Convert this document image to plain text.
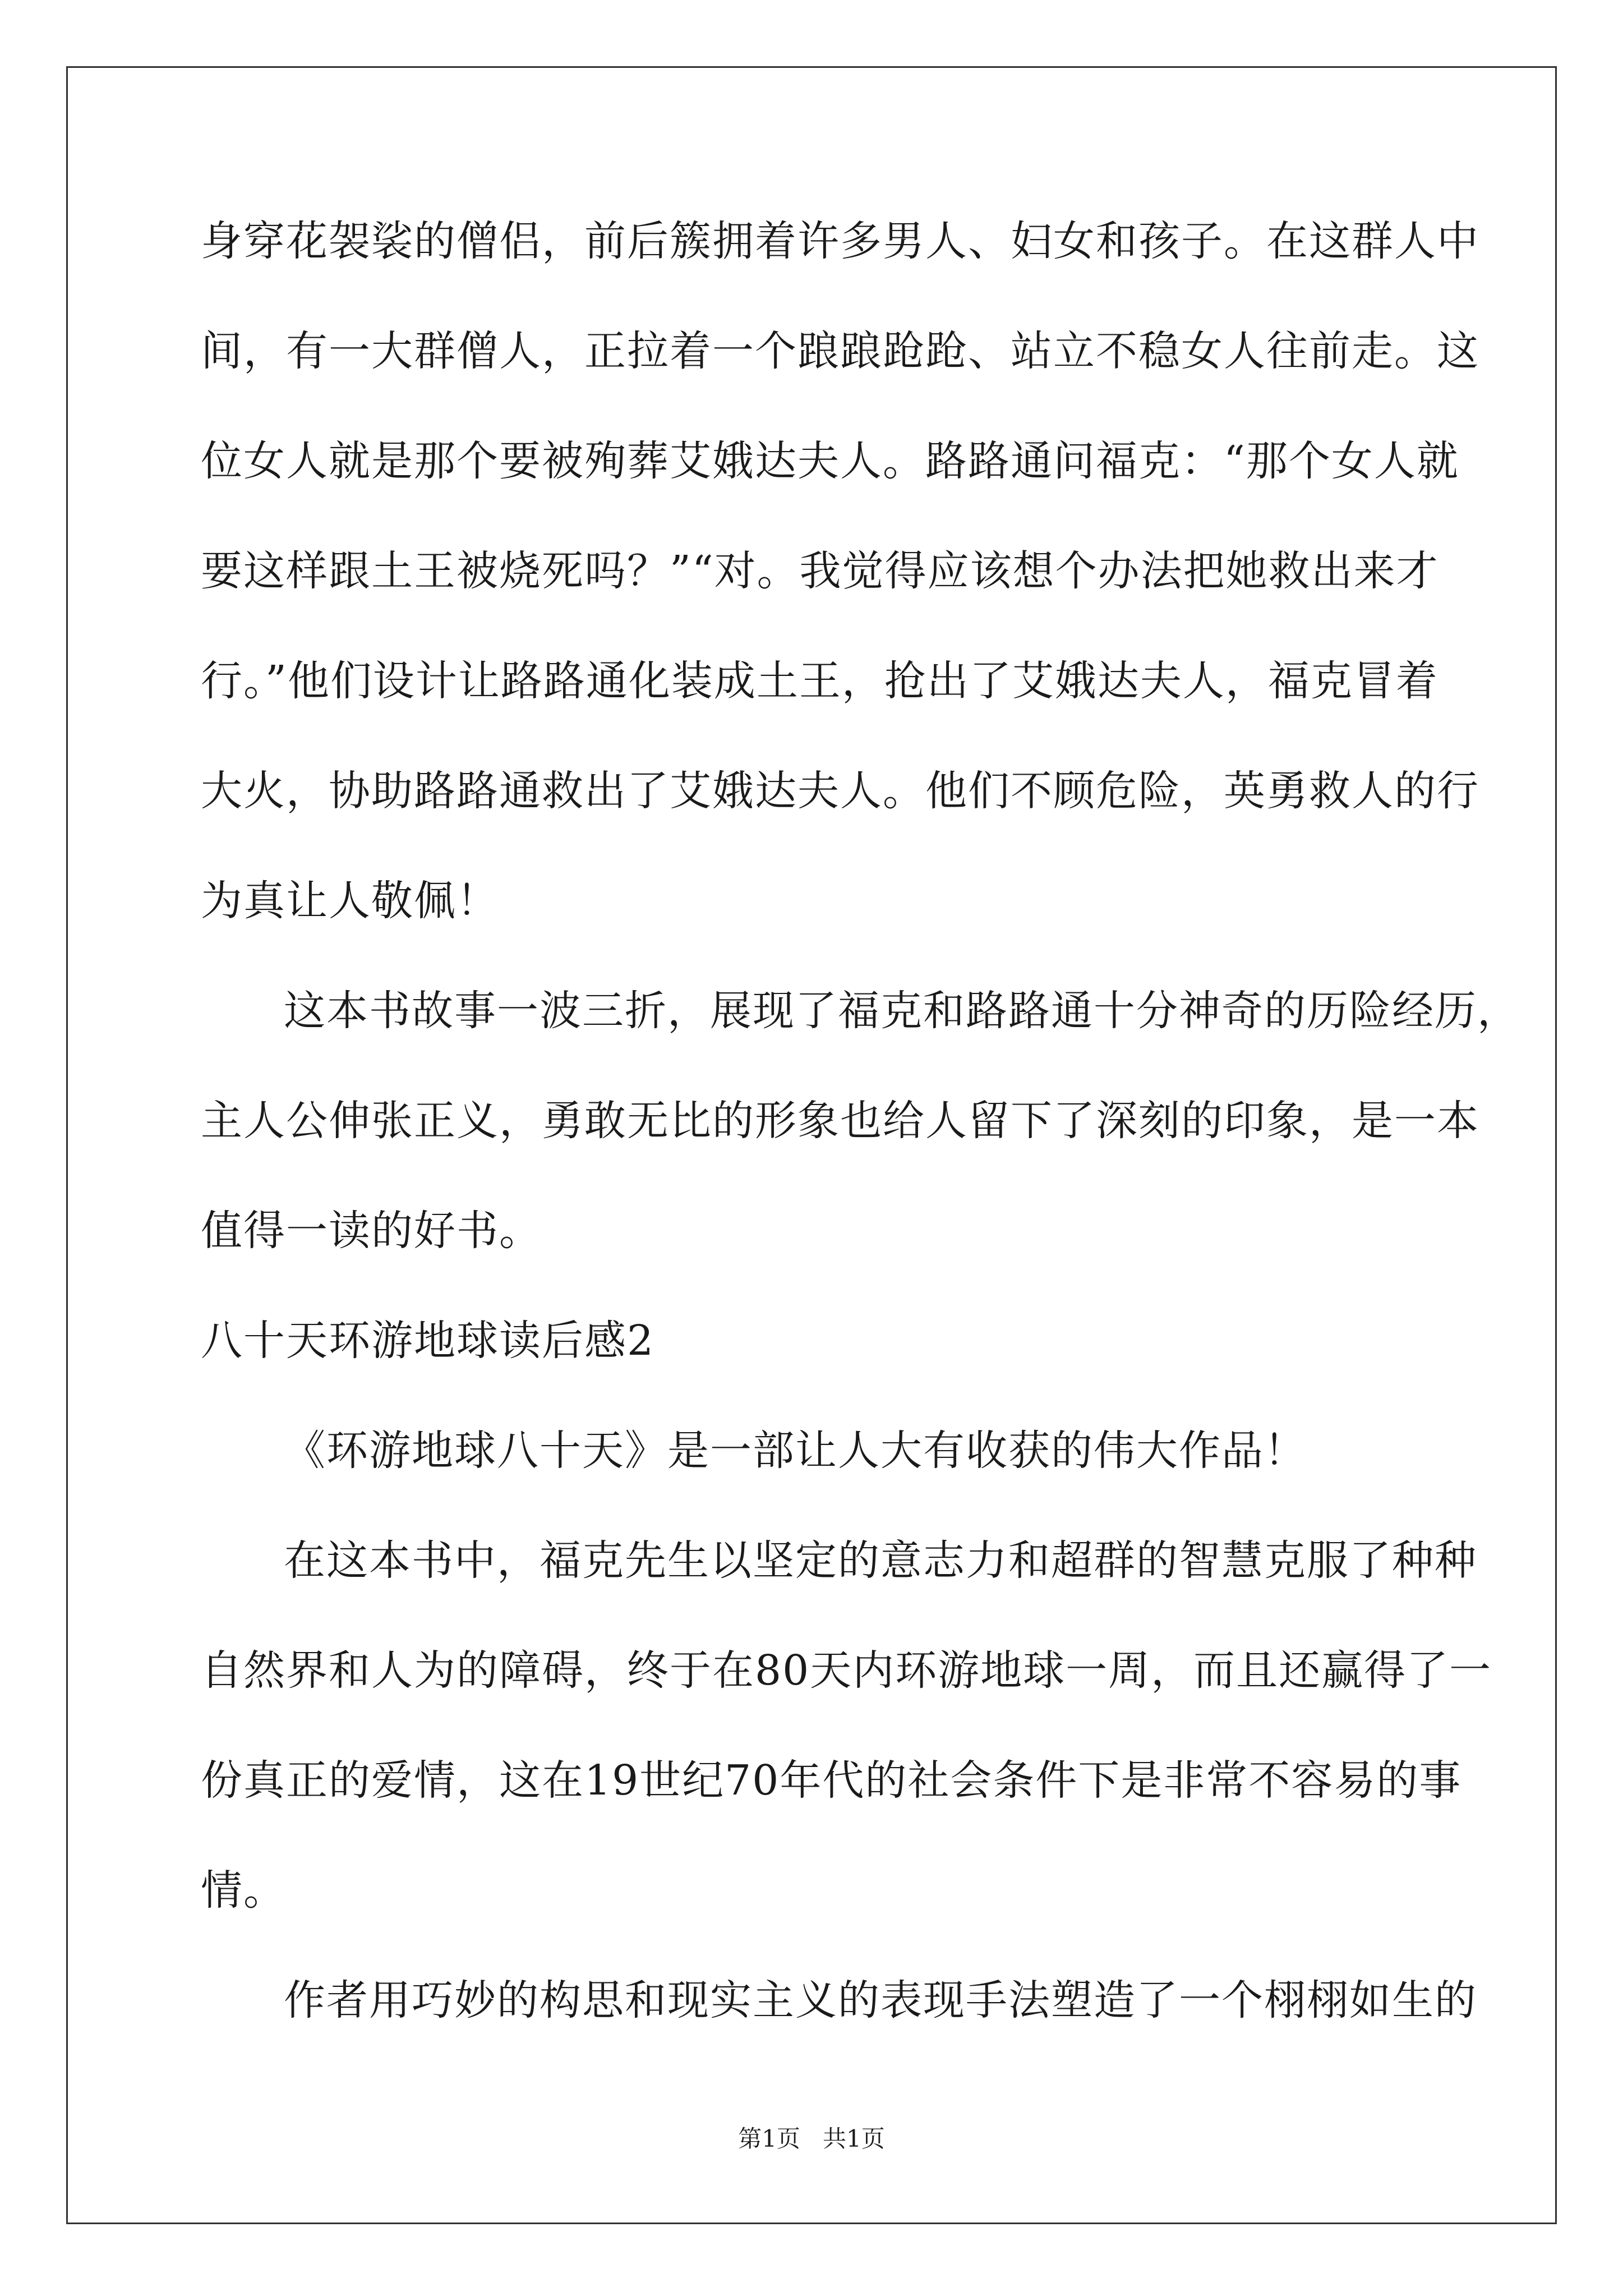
身穿花袈裟的僧侣，前后簇拥着许多男人、妇女和孩子。在这群人中
间，有一大群僧人，正拉着一个踉踉跄跄、站立不稳女人往前走。这
位女人就是那个要被殉葬艾娥达夫人。路路通问福克：“那个女人就
要这样跟土王被烧死吗？”“对。我觉得应该想个办法把她救出来才
行。”他们设计让路路通化装成土王，抢出了艾娥达夫人，福克冒着
大火，协助路路通救出了艾娥达夫人。他们不顾危险，英勇救人的行
为真让人敬佩！
这本书故事一波三折，展现了福克和路路通十分神奇的历险经历，
主人公伸张正义，勇敢无比的形象也给人留下了深刻的印象，是一本
值得一读的好书。
八十天环游地球读后感2
《环游地球八十天》是一部让人大有收获的伟大作品！
在这本书中，福克先生以坚定的意志力和超群的智慧克服了种种
自然界和人为的障碍，终于在80天内环游地球一周，而且还赢得了一
份真正的爱情，这在19世纪70年代的社会条件下是非常不容易的事
情。
作者用巧妙的构思和现实主义的表现手法塑造了一个栩栩如生的
第1页   共1页
